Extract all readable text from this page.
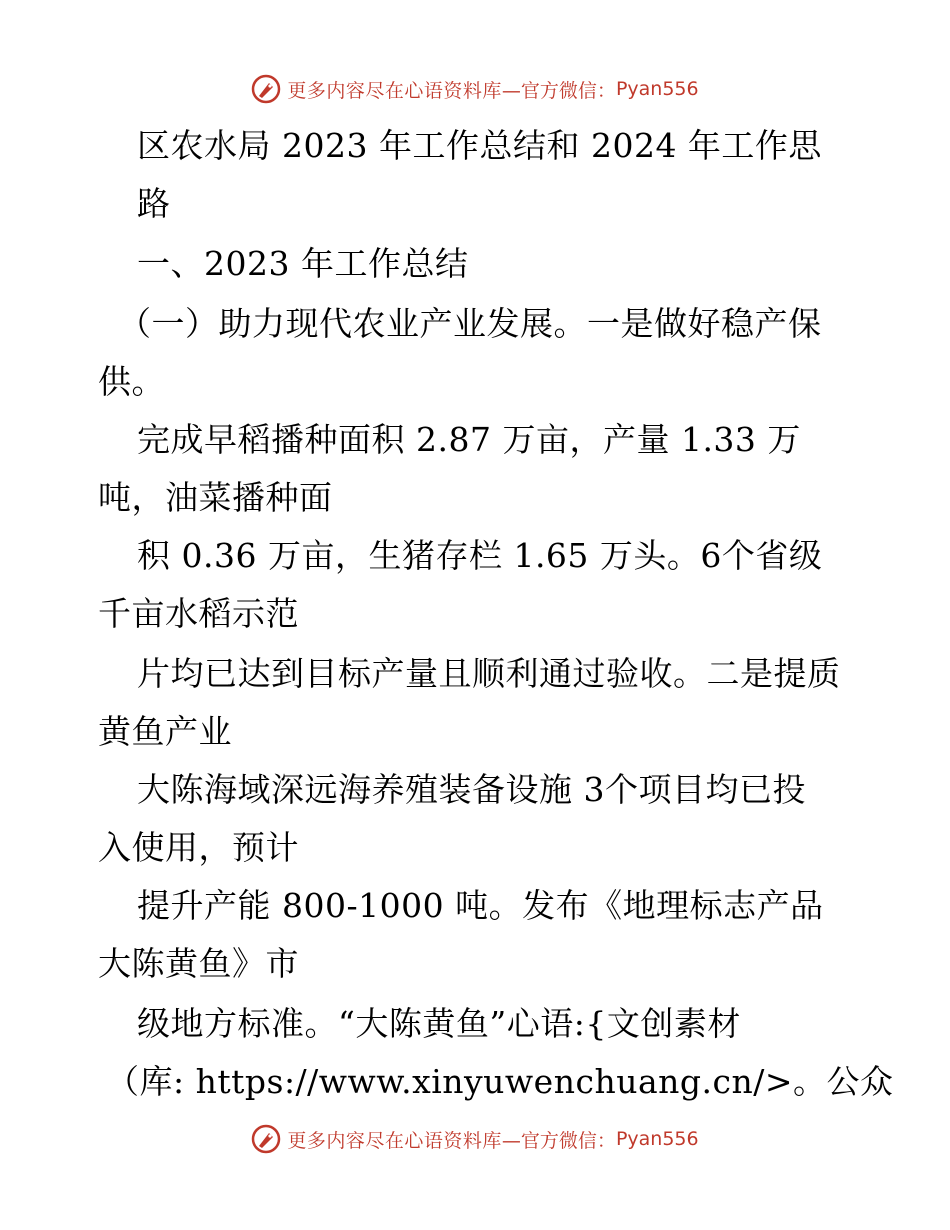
更多内容尽在心语资料库 —官方微信： Pyan556
区农水局 2023 年工作总结和 2024 年工作思
路
一、2023 年工作总结
（一）助力现代农业产业发展。一是做好稳产保
供。
完成早稻播种面积 2.87 万亩，产量 1.33 万
吨，油菜播种面
积 0.36 万亩，生猪存栏 1.65 万头。6个省级
千亩水稻示范
片均已达到目标产量且顺利通过验收。二是提质
黄鱼产业
大陈海域深远海养殖装备设施 3个项目均已投
入使用，预计
提升产能 800-1000 吨。发布《地理标志产品
大陈黄鱼》市
级地方标准。“大陈黄鱼”心语:{文创素材
（库: https://www.xinyuwenchuang.cn/>。公众
更多内容尽在心语资料库 —官方微信： Pyan556
